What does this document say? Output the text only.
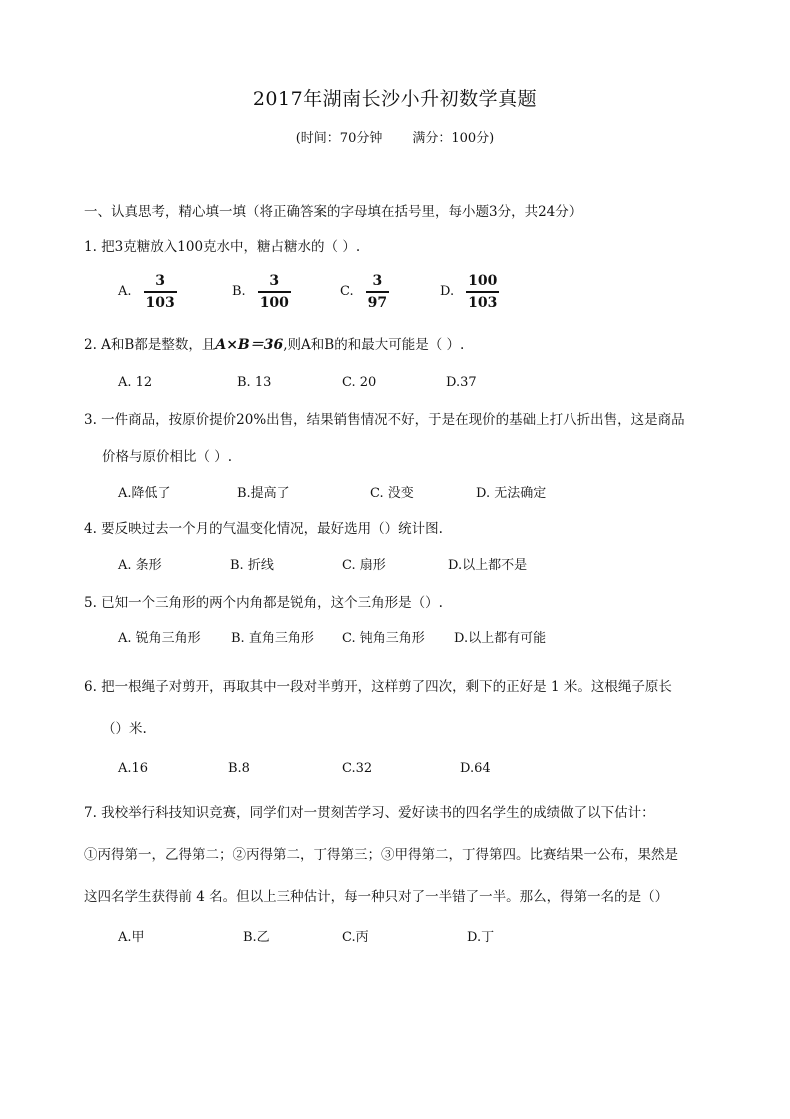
2017年湖南长沙小升初数学真题
(时间：70分钟 满分：100分)
一、认真思考，精心填一填（将正确答案的字母填在括号里，每小题3分，共24分）
1. 把3克糖放入100克水中，糖占糖水的（ ）.
A. $\frac{3}{103}$	B. $\frac{3}{100}$	C. $\frac{3}{97}$	D. $\frac{100}{103}$
2. A和B都是整数，且A×B＝36,则A和B的和最大可能是（ ）.
A. 12	B. 13	C. 20	D.37
3. 一件商品，按原价提价20%出售，结果销售情况不好，于是在现价的基础上打八折出售，这是商品
价格与原价相比（ ）.
A.降低了	B.提高了	C. 没变	D. 无法确定
4. 要反映过去一个月的气温变化情况，最好选用（）统计图.
A. 条形	B. 折线	C. 扇形	D.以上都不是
5. 已知一个三角形的两个内角都是锐角，这个三角形是（）.
A. 锐角三角形 B. 直角三角形 C. 钝角三角形 D.以上都有可能
6. 把一根绳子对剪开，再取其中一段对半剪开，这样剪了四次，剩下的正好是 1 米。这根绳子原长
（）米.
A.16	B.8	C.32	D.64
7. 我校举行科技知识竞赛，同学们对一贯刻苦学习、爱好读书的四名学生的成绩做了以下估计：
①丙得第一，乙得第二；②丙得第二，丁得第三；③甲得第二，丁得第四。比赛结果一公布，果然是
这四名学生获得前 4 名。但以上三种估计，每一种只对了一半错了一半。那么，得第一名的是（）
A.甲	B.乙	C.丙	D.丁
